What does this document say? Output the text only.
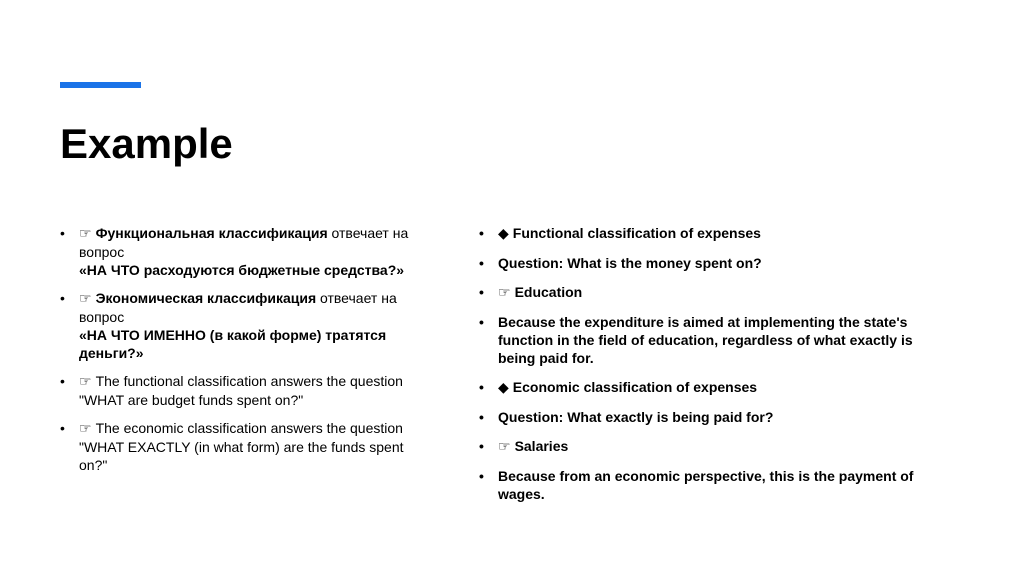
Example
• ☞ Функциональная классификация отвечает на вопрос
«НА ЧТО расходуются бюджетные средства?»
• ☞ Экономическая классификация отвечает на вопрос
«НА ЧТО ИМЕННО (в какой форме) тратятся деньги?»
• ☞ The functional classification answers the question "WHAT are budget funds spent on?"
• ☞ The economic classification answers the question "WHAT EXACTLY (in what form) are the funds spent on?"
• ◆ Functional classification of expenses
• Question: What is the money spent on?
• ☞ Education
• Because the expenditure is aimed at implementing the state's function in the field of education, regardless of what exactly is being paid for.
• ◆ Economic classification of expenses
• Question: What exactly is being paid for?
• ☞ Salaries
• Because from an economic perspective, this is the payment of wages.
